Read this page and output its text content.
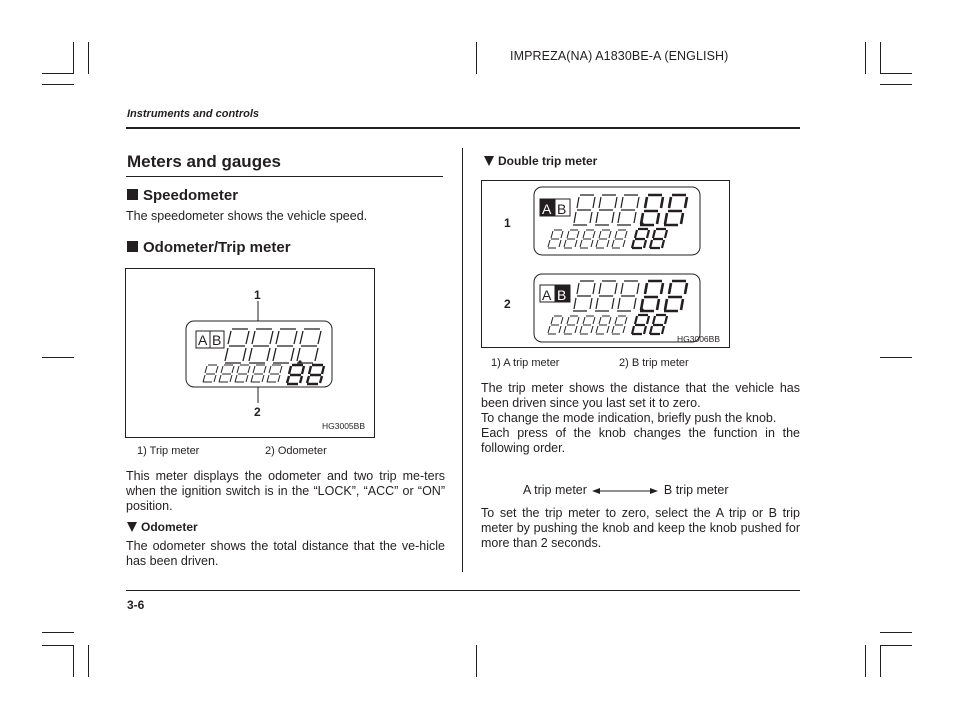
IMPREZA(NA) A1830BE-A (ENGLISH)
Instruments and controls
Meters and gauges
Speedometer
The speedometer shows the vehicle speed.
Odometer/Trip meter
A B
1
2
HG3005BB
1) Trip meter	2) Odometer
This meter displays the odometer and two trip me-ters when the ignition switch is in the “LOCK”, “ACC” or “ON” position.
Odometer
The odometer shows the total distance that the ve-hicle has been driven.
Double trip meter
A B
A B
1
2
HG3006BB
1) A trip meter	2) B trip meter
The trip meter shows the distance that the vehicle has been driven since you last set it to zero.
To change the mode indication, briefly push the knob.
Each press of the knob changes the function in the following order.
A trip meter	B trip meter
To set the trip meter to zero, select the A trip or B trip meter by pushing the knob and keep the knob pushed for more than 2 seconds.
3-6
